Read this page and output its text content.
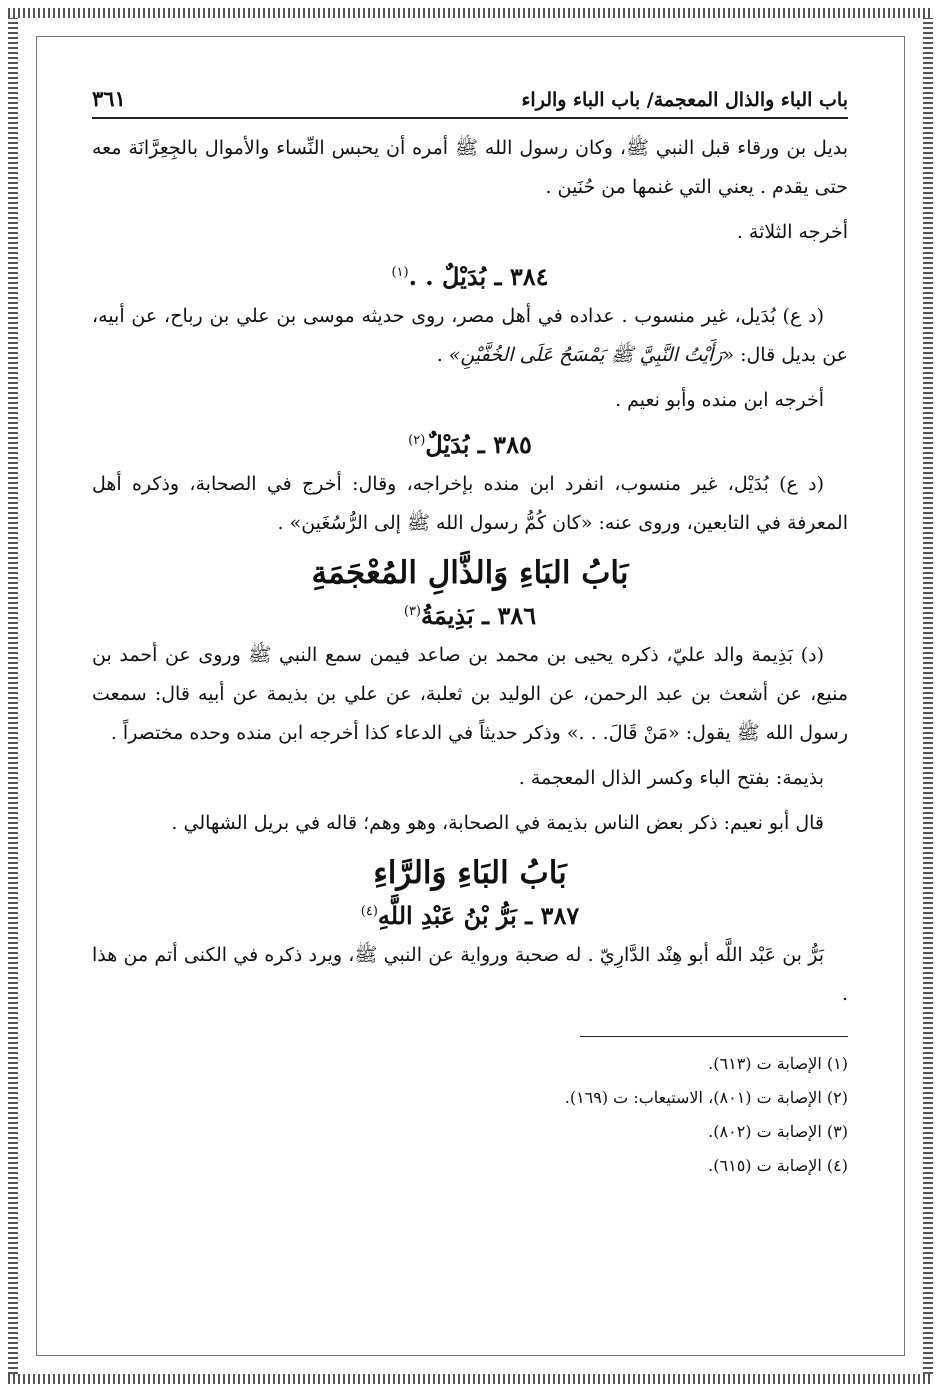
باب الباء والذال المعجمة/ باب الباء والراء
٣٦١

بديل بن ورقاء قبل النبي ﷺ، وكان رسول الله ﷺ أمره أن يحبس النِّساء والأموال بالجِعِرَّانَة معه حتى يقدم . يعني التي غنمها من حُنَين .

أخرجه الثلاثة .

٣٨٤ ـ بُدَيْلٌ . .$^{(١)}$

(د ع) بُدَيل، غير منسوب . عداده في أهل مصر، روى حديثه موسى بن علي بن رباح، عن أبيه، عن بديل قال: «رَأَيْتُ النَّبِيَّ ﷺ يَمْسَحُ عَلَى الخُفَّيْنِ» .

أخرجه ابن منده وأبو نعيم .

٣٨٥ ـ بُدَيْلٌ$^{(٢)}$

(د ع) بُدَيْل، غير منسوب، انفرد ابن منده بإخراجه، وقال: أخرج في الصحابة، وذكره أهل المعرفة في التابعين، وروى عنه: «كان كُمُّ رسول الله ﷺ إلى الرُّسُغَين» .

بَابُ البَاءِ وَالذَّالِ المُعْجَمَةِ
٣٨٦ ـ بَذِيمَةُ$^{(٣)}$

(د) بَذِيمة والد عليّ، ذكره يحيى بن محمد بن صاعد فيمن سمع النبي ﷺ وروى عن أحمد بن منيع، عن أشعث بن عبد الرحمن، عن الوليد بن ثعلبة، عن علي بن بذيمة عن أبيه قال: سمعت رسول الله ﷺ يقول: «مَنْ قَالَ. . .» وذكر حديثاً في الدعاء كذا أخرجه ابن منده وحده مختصراً .

بذيمة: بفتح الباء وكسر الذال المعجمة .

قال أبو نعيم: ذكر بعض الناس بذيمة في الصحابة، وهو وهم؛ قاله في بريل الشهالي .

بَابُ البَاءِ وَالرَّاءِ
٣٨٧ ـ بَرُّ بْنُ عَبْدِ اللَّهِ$^{(٤)}$

بَرُّ بن عَبْد اللَّه أبو هِنْد الدَّارِيّ . له صحبة ورواية عن النبي ﷺ، ويرد ذكره في الكنى أتم من هذا .

(١) الإصابة ت (٦١٣).

(٢) الإصابة ت (٨٠١)، الاستيعاب: ت (١٦٩).

(٣) الإصابة ت (٨٠٢).

(٤) الإصابة ت (٦١٥).
